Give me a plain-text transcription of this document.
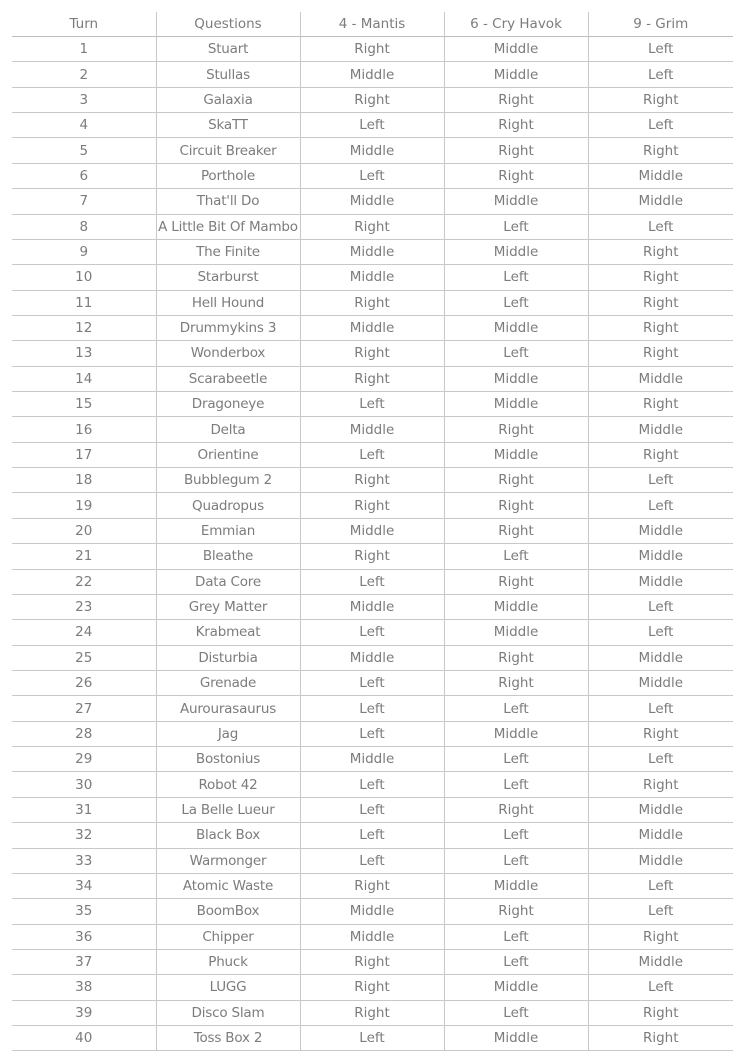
Turn	Questions	4 - Mantis	6 - Cry Havok	9 - Grim
1	Stuart	Right	Middle	Left
2	Stullas	Middle	Middle	Left
3	Galaxia	Right	Right	Right
4	SkaTT	Left	Right	Left
5	Circuit Breaker	Middle	Right	Right
6	Porthole	Left	Right	Middle
7	That'll Do	Middle	Middle	Middle
8	A Little Bit Of Mambo	Right	Left	Left
9	The Finite	Middle	Middle	Right
10	Starburst	Middle	Left	Right
11	Hell Hound	Right	Left	Right
12	Drummykins 3	Middle	Middle	Right
13	Wonderbox	Right	Left	Right
14	Scarabeetle	Right	Middle	Middle
15	Dragoneye	Left	Middle	Right
16	Delta	Middle	Right	Middle
17	Orientine	Left	Middle	Right
18	Bubblegum 2	Right	Right	Left
19	Quadropus	Right	Right	Left
20	Emmian	Middle	Right	Middle
21	Bleathe	Right	Left	Middle
22	Data Core	Left	Right	Middle
23	Grey Matter	Middle	Middle	Left
24	Krabmeat	Left	Middle	Left
25	Disturbia	Middle	Right	Middle
26	Grenade	Left	Right	Middle
27	Aurourasaurus	Left	Left	Left
28	Jag	Left	Middle	Right
29	Bostonius	Middle	Left	Left
30	Robot 42	Left	Left	Right
31	La Belle Lueur	Left	Right	Middle
32	Black Box	Left	Left	Middle
33	Warmonger	Left	Left	Middle
34	Atomic Waste	Right	Middle	Left
35	BoomBox	Middle	Right	Left
36	Chipper	Middle	Left	Right
37	Phuck	Right	Left	Middle
38	LUGG	Right	Middle	Left
39	Disco Slam	Right	Left	Right
40	Toss Box 2	Left	Middle	Right
